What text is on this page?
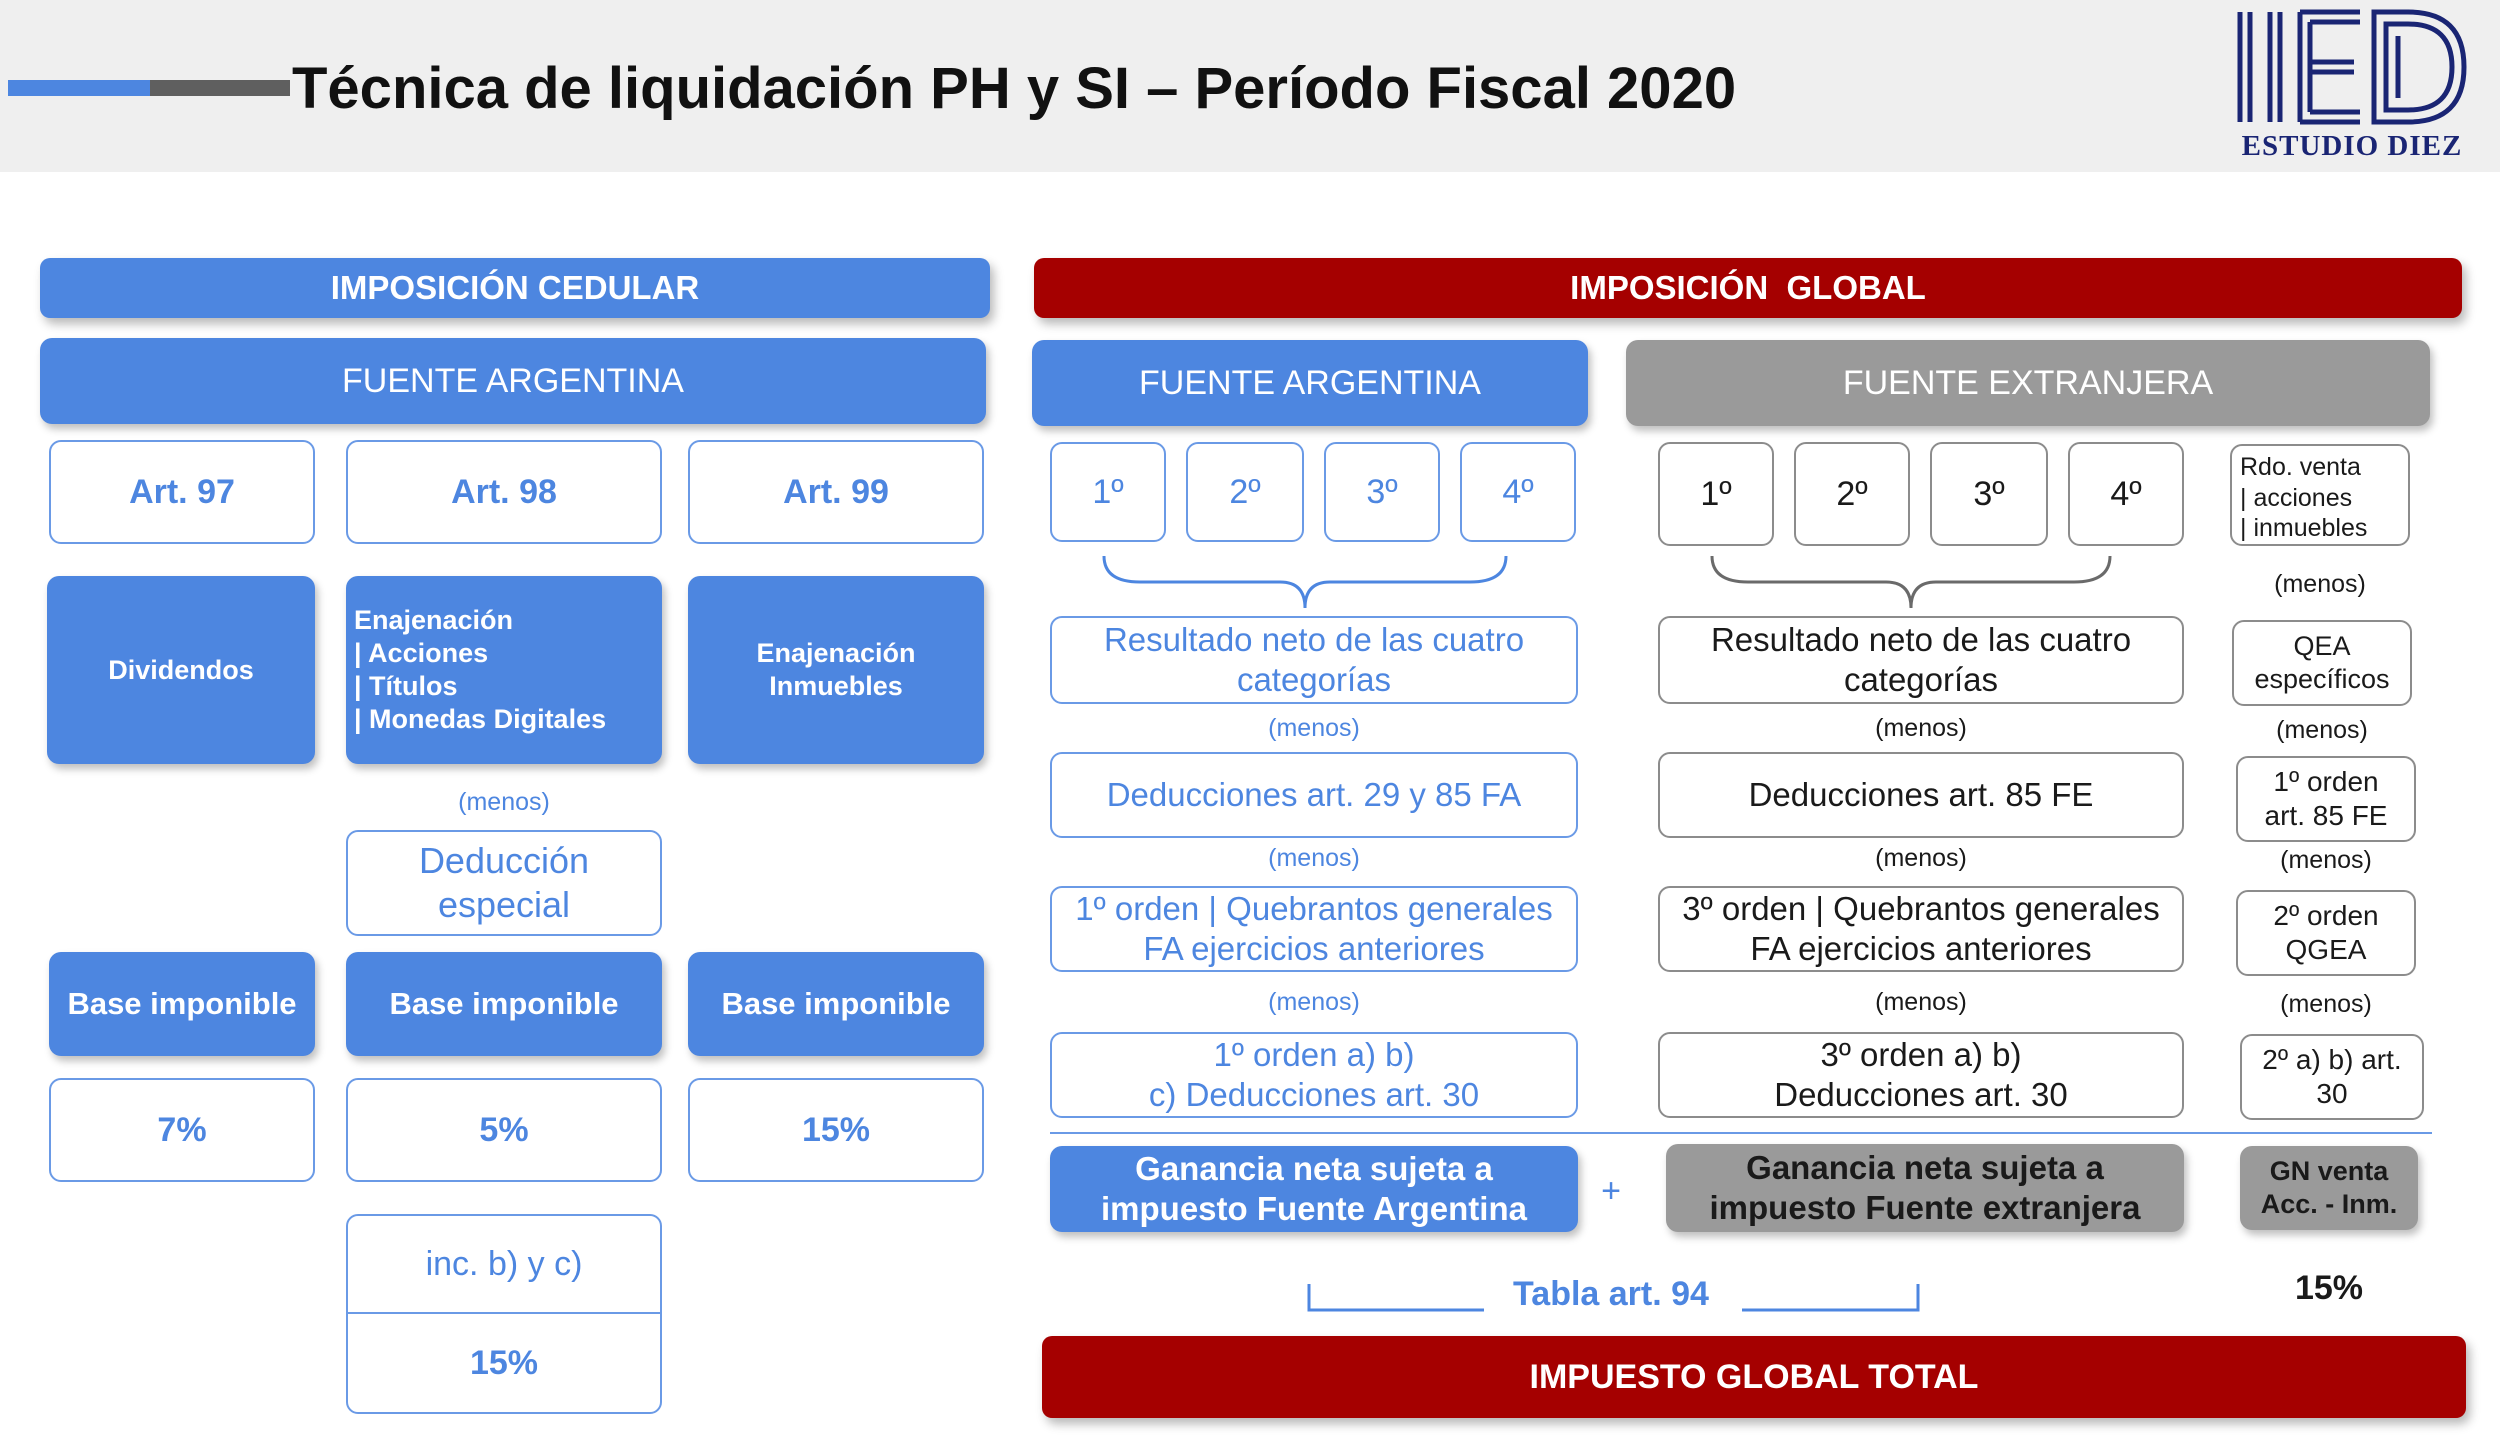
Técnica de liquidación PH y SI – Período Fiscal 2020
ESTUDIO DIEZ
IMPOSICIÓN CEDULAR
FUENTE ARGENTINA
Art. 97
Dividendos
Base imponible
7%
Art. 98
Enajenación
| Acciones
| Títulos
| Monedas Digitales
(menos)
Deducción
especial
Base imponible
5%
inc. b) y c)
15%
Art. 99
Enajenación
Inmuebles
Base imponible
15%
IMPOSICIÓN  GLOBAL
FUENTE ARGENTINA
1º	2º	3º	4º
Resultado neto de las cuatro
categorías
(menos)
Deducciones art. 29 y 85 FA
(menos)
1º orden | Quebrantos generales
FA ejercicios anteriores
(menos)
1º orden a) b)
c) Deducciones art. 30
Ganancia neta sujeta a
impuesto Fuente Argentina	+
FUENTE EXTRANJERA
1º	2º	3º	4º
Resultado neto de las cuatro
categorías
(menos)
Deducciones art. 85 FE
(menos)
3º orden | Quebrantos generales
FA ejercicios anteriores
(menos)
3º orden a) b)
Deducciones art. 30
Ganancia neta sujeta a
impuesto Fuente extranjera
Rdo. venta
| acciones
| inmuebles
(menos)
QEA
específicos
(menos)
1º orden
art. 85 FE
(menos)
2º orden
QGEA
(menos)
2º a) b) art.
30
GN venta
Acc. - Inm.
15%
Tabla art. 94
IMPUESTO GLOBAL TOTAL
